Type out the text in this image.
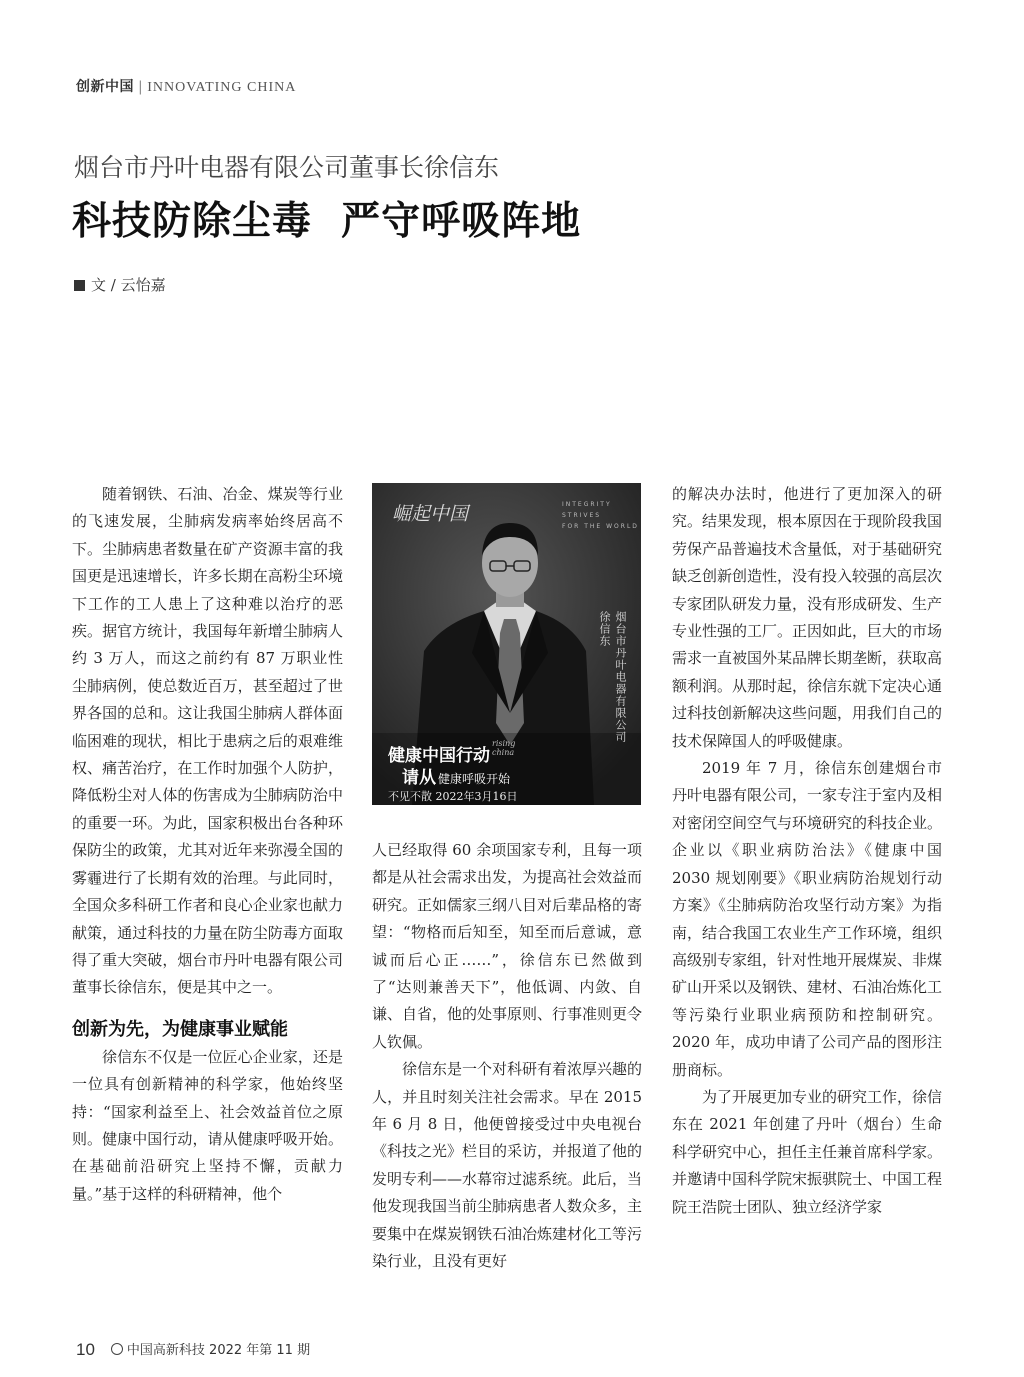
创新中国 | INNOVATING CHINA
烟台市丹叶电器有限公司董事长徐信东
科技防除尘毒  严守呼吸阵地
文 / 云怡嘉

随着钢铁、石油、冶金、煤炭等行业的飞速发展，尘肺病发病率始终居高不下。尘肺病患者数量在矿产资源丰富的我国更是迅速增长，许多长期在高粉尘环境下工作的工人患上了这种难以治疗的恶疾。据官方统计，我国每年新增尘肺病人约 3 万人，而这之前约有 87 万职业性尘肺病例，使总数近百万，甚至超过了世界各国的总和。这让我国尘肺病人群体面临困难的现状，相比于患病之后的艰难维权、痛苦治疗，在工作时加强个人防护，降低粉尘对人体的伤害成为尘肺病防治中的重要一环。为此，国家积极出台各种环保防尘的政策，尤其对近年来弥漫全国的雾霾进行了长期有效的治理。与此同时，全国众多科研工作者和良心企业家也献力献策，通过科技的力量在防尘防毒方面取得了重大突破，烟台市丹叶电器有限公司董事长徐信东，便是其中之一。

创新为先，为健康事业赋能

徐信东不仅是一位匠心企业家，还是一位具有创新精神的科学家，他始终坚持：“国家利益至上、社会效益首位之原则。健康中国行动，请从健康呼吸开始。在基础前沿研究上坚持不懈，贡献力量。”基于这样的科研精神，他个

崛起中国	INTEGRITY
STRIVES
FOR THE WORLD
烟台市丹叶电器有限公司
徐信东
健康中国行动
rising
china
请从 健康呼吸开始
不见不散 2022年3月16日

人已经取得 60 余项国家专利，且每一项都是从社会需求出发，为提高社会效益而研究。正如儒家三纲八目对后辈品格的寄望：“物格而后知至，知至而后意诚，意诚而后心正……”，徐信东已然做到了“达则兼善天下”，他低调、内敛、自谦、自省，他的处事原则、行事准则更令人钦佩。

徐信东是一个对科研有着浓厚兴趣的人，并且时刻关注社会需求。早在 2015 年 6 月 8 日，他便曾接受过中央电视台《科技之光》栏目的采访，并报道了他的发明专利——水幕帘过滤系统。此后，当他发现我国当前尘肺病患者人数众多，主要集中在煤炭钢铁石油冶炼建材化工等污染行业，且没有更好

的解决办法时，他进行了更加深入的研究。结果发现，根本原因在于现阶段我国劳保产品普遍技术含量低，对于基础研究缺乏创新创造性，没有投入较强的高层次专家团队研发力量，没有形成研发、生产专业性强的工厂。正因如此，巨大的市场需求一直被国外某品牌长期垄断，获取高额利润。从那时起，徐信东就下定决心通过科技创新解决这些问题，用我们自己的技术保障国人的呼吸健康。

2019 年 7 月，徐信东创建烟台市丹叶电器有限公司，一家专注于室内及相对密闭空间空气与环境研究的科技企业。企业以《职业病防治法》《健康中国 2030 规划刚要》《职业病防治规划行动方案》《尘肺病防治攻坚行动方案》为指南，结合我国工农业生产工作环境，组织高级别专家组，针对性地开展煤炭、非煤矿山开采以及钢铁、建材、石油冶炼化工等污染行业职业病预防和控制研究。2020 年，成功申请了公司产品的图形注册商标。

为了开展更加专业的研究工作，徐信东在 2021 年创建了丹叶（烟台）生命科学研究中心，担任主任兼首席科学家。并邀请中国科学院宋振骐院士、中国工程院王浩院士团队、独立经济学家

10 中国高新科技 2022 年第 11 期
